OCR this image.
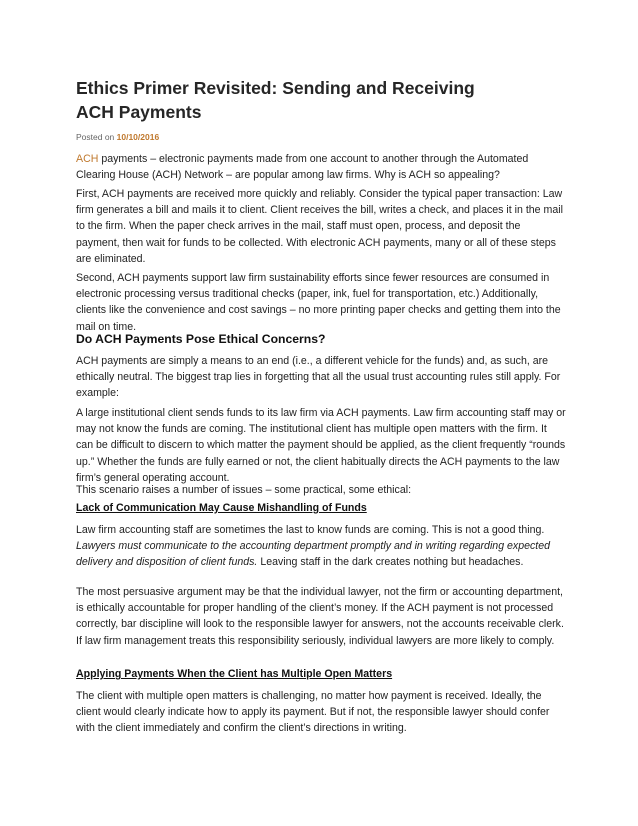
Ethics Primer Revisited: Sending and Receiving
ACH Payments
Posted on 10/10/2016

ACH payments – electronic payments made from one account to another through the Automated Clearing House (ACH) Network – are popular among law firms. Why is ACH so appealing?

First, ACH payments are received more quickly and reliably. Consider the typical paper transaction: Law firm generates a bill and mails it to client. Client receives the bill, writes a check, and places it in the mail to the firm. When the paper check arrives in the mail, staff must open, process, and deposit the payment, then wait for funds to be collected. With electronic ACH payments, many or all of these steps are eliminated.

Second, ACH payments support law firm sustainability efforts since fewer resources are consumed in electronic processing versus traditional checks (paper, ink, fuel for transportation, etc.) Additionally, clients like the convenience and cost savings – no more printing paper checks and getting them into the mail on time.

Do ACH Payments Pose Ethical Concerns?

ACH payments are simply a means to an end (i.e., a different vehicle for the funds) and, as such, are ethically neutral. The biggest trap lies in forgetting that all the usual trust accounting rules still apply. For example:

A large institutional client sends funds to its law firm via ACH payments. Law firm accounting staff may or may not know the funds are coming. The institutional client has multiple open matters with the firm. It can be difficult to discern to which matter the payment should be applied, as the client frequently “rounds up.” Whether the funds are fully earned or not, the client habitually directs the ACH payments to the law firm’s general operating account.

This scenario raises a number of issues – some practical, some ethical:

Lack of Communication May Cause Mishandling of Funds

Law firm accounting staff are sometimes the last to know funds are coming. This is not a good thing. Lawyers must communicate to the accounting department promptly and in writing regarding expected delivery and disposition of client funds. Leaving staff in the dark creates nothing but headaches.

The most persuasive argument may be that the individual lawyer, not the firm or accounting department, is ethically accountable for proper handling of the client’s money. If the ACH payment is not processed correctly, bar discipline will look to the responsible lawyer for answers, not the accounts receivable clerk. If law firm management treats this responsibility seriously, individual lawyers are more likely to comply.

Applying Payments When the Client has Multiple Open Matters

The client with multiple open matters is challenging, no matter how payment is received. Ideally, the client would clearly indicate how to apply its payment. But if not, the responsible lawyer should confer with the client immediately and confirm the client’s directions in writing.
